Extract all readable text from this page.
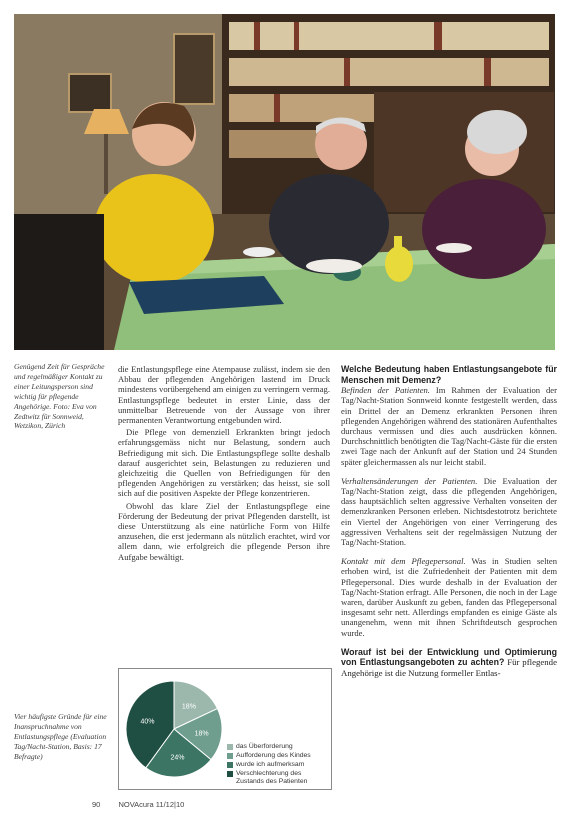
Genügend Zeit für Gespräche und regelmäßiger Kontakt zu einer Leitungsperson sind wichtig für pflegende Angehörige. Foto: Eva von Zedtwitz für Sonnweid, Wetzikon, Zürich

die Entlastungspflege eine Atempause zulässt, indem sie den Abbau der pflegenden Angehörigen lastend im Druck mindestens vorübergehend am einigen zu verringern vermag. Entlastungspflege bedeutet in erster Linie, dass der unmittelbar Betreuende von der Aussage von ihrer permanenten Verantwortung entgebunden wird.

Die Pflege von demenziell Erkrankten bringt jedoch erfahrungsgemäss nicht nur Belastung, sondern auch Befriedigung mit sich. Die Entlastungspflege sollte deshalb darauf ausgerichtet sein, Belastungen zu reduzieren und gleichzeitig die Quellen von Befriedigungen für den pflegenden Angehörigen zu verstärken; das heisst, sie soll sich auf die positiven Aspekte der Pflege konzentrieren.

Obwohl das klare Ziel der Entlastungspflege eine Förderung der Bedeutung der privat Pflegenden darstellt, ist diese Unterstützung als eine natürliche Form von Hilfe anzusehen, die erst jedermann als nützlich erachtet, wird vor allem dann, wie erfolgreich die pflegende Person ihre Aufgabe bewältigt.

18%
18%
24%
40%
das Überforderung
Aufforderung des Kindes
wurde ich aufmerksam
Verschlechterung des Zustands des Patienten
Vier häufigste Gründe für eine Inanspruchnahme von Entlastungspflege (Evaluation Tag/Nacht-Station, Basis: 17 Befragte)
Welche Bedeutung haben Entlastungsangebote für Menschen mit Demenz?

Befinden der Patienten. Im Rahmen der Evaluation der Tag/Nacht-Station Sonnweid konnte festgestellt werden, dass ein Drittel der an Demenz erkrankten Personen ihren pflegenden Angehörigen während des stationären Aufenthaltes durchaus vermissen und dies auch ausdrücken können. Durchschnittlich benötigten die Tag/Nacht-Gäste für die ersten zwei Tage nach der Ankunft auf der Station und 24 Stunden später gleichermassen als nur leicht stabil.

Verhaltensänderungen der Patienten. Die Evaluation der Tag/Nacht-Station zeigt, dass die pflegenden Angehörigen, dass hauptsächlich selten aggressive Verhalten vonseiten der demenzkranken Personen erleben. Nichtsdestotrotz berichtete ein Viertel der Angehörigen von einer Verringerung des aggressiven Verhaltens seit der regelmässigen Nutzung der Tag/Nacht-Station.

Kontakt mit dem Pflegepersonal. Was in Studien selten erhoben wird, ist die Zufriedenheit der Patienten mit dem Pflegepersonal. Dies wurde deshalb in der Evaluation der Tag/Nacht-Station erfragt. Alle Personen, die noch in der Lage waren, darüber Auskunft zu geben, fanden das Pflegepersonal insgesamt sehr nett. Allerdings empfanden es einige Gäste als unangenehm, wenn mit ihnen Schriftdeutsch gesprochen wurde.

Worauf ist bei der Entwicklung und Optimierung von Entlastungsangeboten zu achten? Für pflegende Angehörige ist die Nutzung formeller Entlas-
90 NOVAcura 11/12|10
